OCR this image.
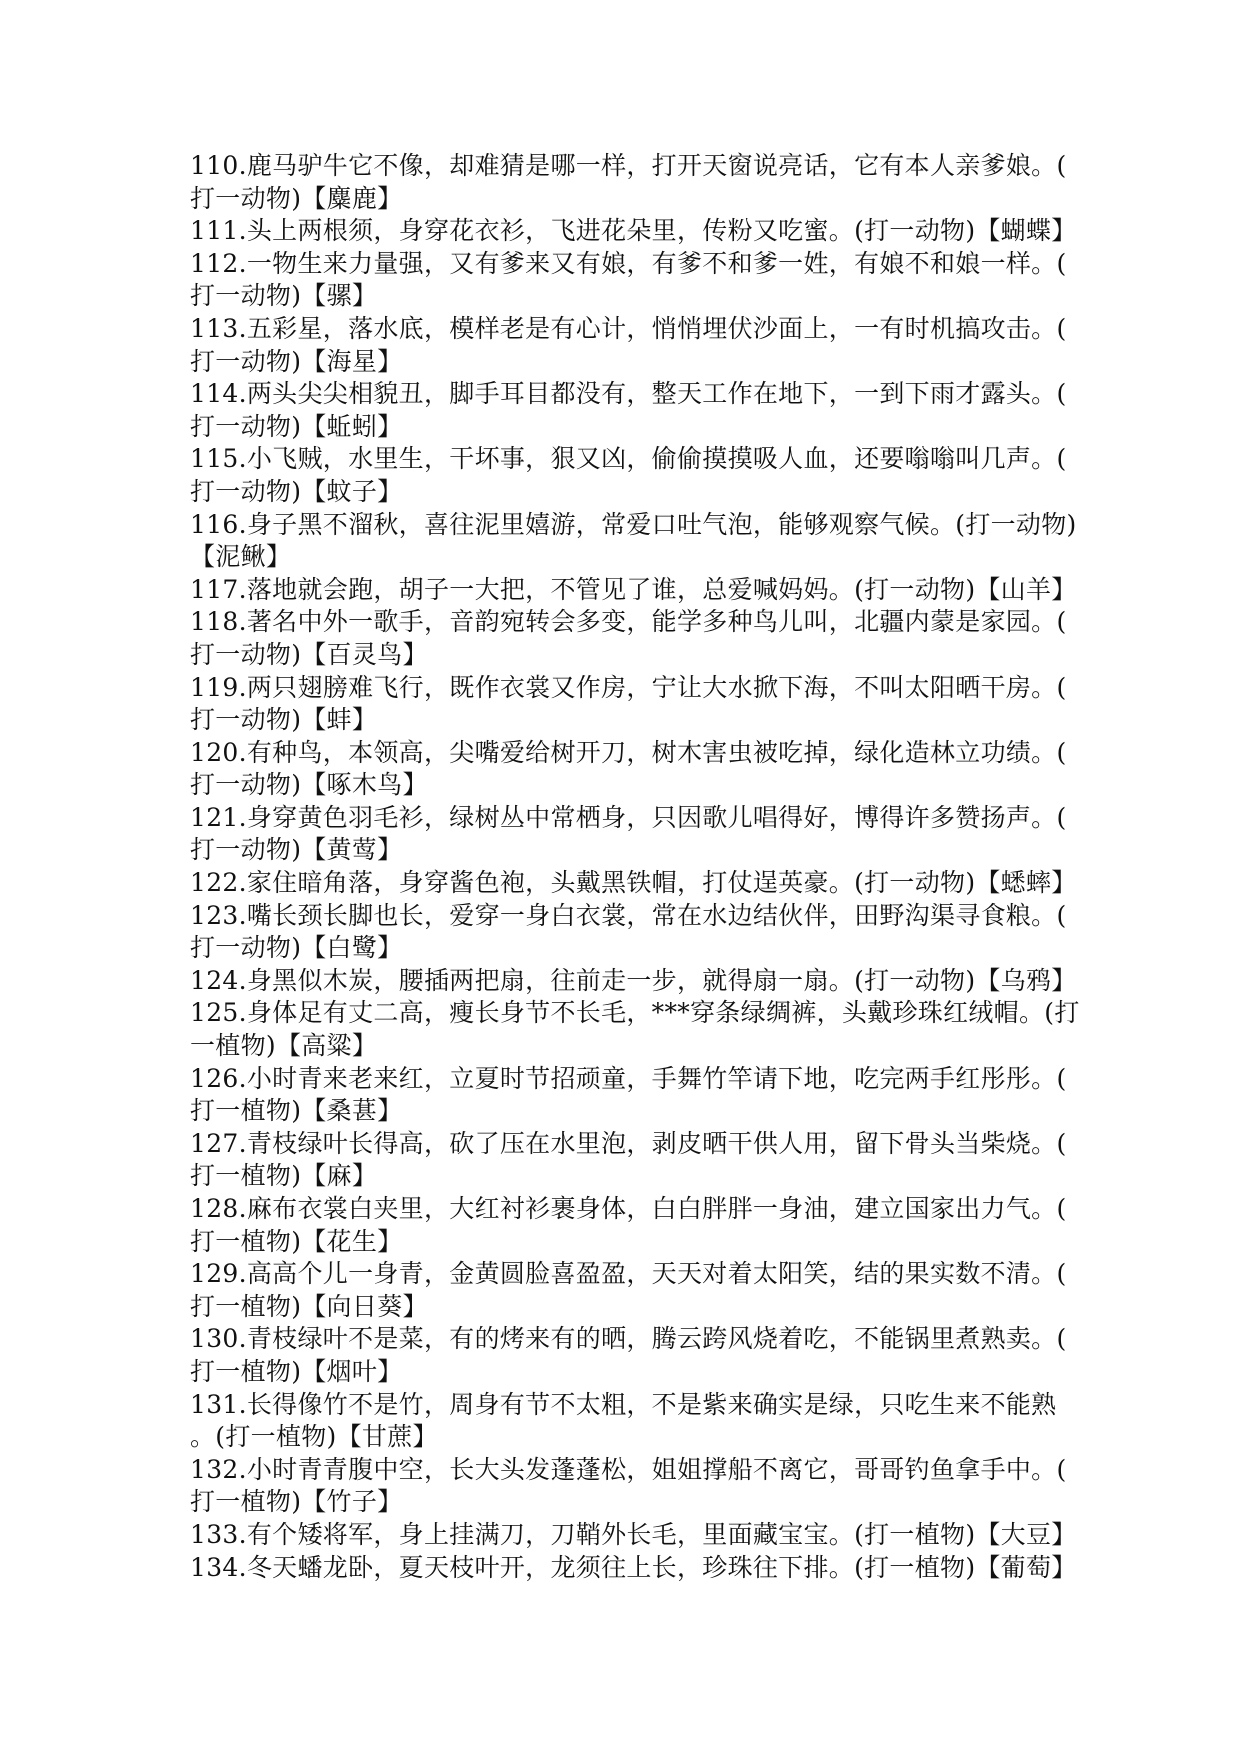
110.鹿马驴牛它不像，却难猜是哪一样，打开天窗说亮话，它有本人亲爹娘。(
打一动物)【麋鹿】
111.头上两根须，身穿花衣衫，飞进花朵里，传粉又吃蜜。(打一动物)【蝴蝶】
112.一物生来力量强，又有爹来又有娘，有爹不和爹一姓，有娘不和娘一样。(
打一动物)【骡】
113.五彩星，落水底，模样老是有心计，悄悄埋伏沙面上，一有时机搞攻击。(
打一动物)【海星】
114.两头尖尖相貌丑，脚手耳目都没有，整天工作在地下，一到下雨才露头。(
打一动物)【蚯蚓】
115.小飞贼，水里生，干坏事，狠又凶，偷偷摸摸吸人血，还要嗡嗡叫几声。(
打一动物)【蚊子】
116.身子黑不溜秋，喜往泥里嬉游，常爱口吐气泡，能够观察气候。(打一动物)
【泥鳅】
117.落地就会跑，胡子一大把，不管见了谁，总爱喊妈妈。(打一动物)【山羊】
118.著名中外一歌手，音韵宛转会多变，能学多种鸟儿叫，北疆内蒙是家园。(
打一动物)【百灵鸟】
119.两只翅膀难飞行，既作衣裳又作房，宁让大水掀下海，不叫太阳晒干房。(
打一动物)【蚌】
120.有种鸟，本领高，尖嘴爱给树开刀，树木害虫被吃掉，绿化造林立功绩。(
打一动物)【啄木鸟】
121.身穿黄色羽毛衫，绿树丛中常栖身，只因歌儿唱得好，博得许多赞扬声。(
打一动物)【黄莺】
122.家住暗角落，身穿酱色袍，头戴黑铁帽，打仗逞英豪。(打一动物)【蟋蟀】
123.嘴长颈长脚也长，爱穿一身白衣裳，常在水边结伙伴，田野沟渠寻食粮。(
打一动物)【白鹭】
124.身黑似木炭，腰插两把扇，往前走一步，就得扇一扇。(打一动物)【乌鸦】
125.身体足有丈二高，瘦长身节不长毛，***穿条绿绸裤，头戴珍珠红绒帽。(打
一植物)【高粱】
126.小时青来老来红，立夏时节招顽童，手舞竹竿请下地，吃完两手红彤彤。(
打一植物)【桑葚】
127.青枝绿叶长得高，砍了压在水里泡，剥皮晒干供人用，留下骨头当柴烧。(
打一植物)【麻】
128.麻布衣裳白夹里，大红衬衫裹身体，白白胖胖一身油，建立国家出力气。(
打一植物)【花生】
129.高高个儿一身青，金黄圆脸喜盈盈，天天对着太阳笑，结的果实数不清。(
打一植物)【向日葵】
130.青枝绿叶不是菜，有的烤来有的晒，腾云跨风烧着吃，不能锅里煮熟卖。(
打一植物)【烟叶】
131.长得像竹不是竹，周身有节不太粗，不是紫来确实是绿，只吃生来不能熟
。(打一植物)【甘蔗】
132.小时青青腹中空，长大头发蓬蓬松，姐姐撑船不离它，哥哥钓鱼拿手中。(
打一植物)【竹子】
133.有个矮将军，身上挂满刀，刀鞘外长毛，里面藏宝宝。(打一植物)【大豆】
134.冬天蟠龙卧，夏天枝叶开，龙须往上长，珍珠往下排。(打一植物)【葡萄】
